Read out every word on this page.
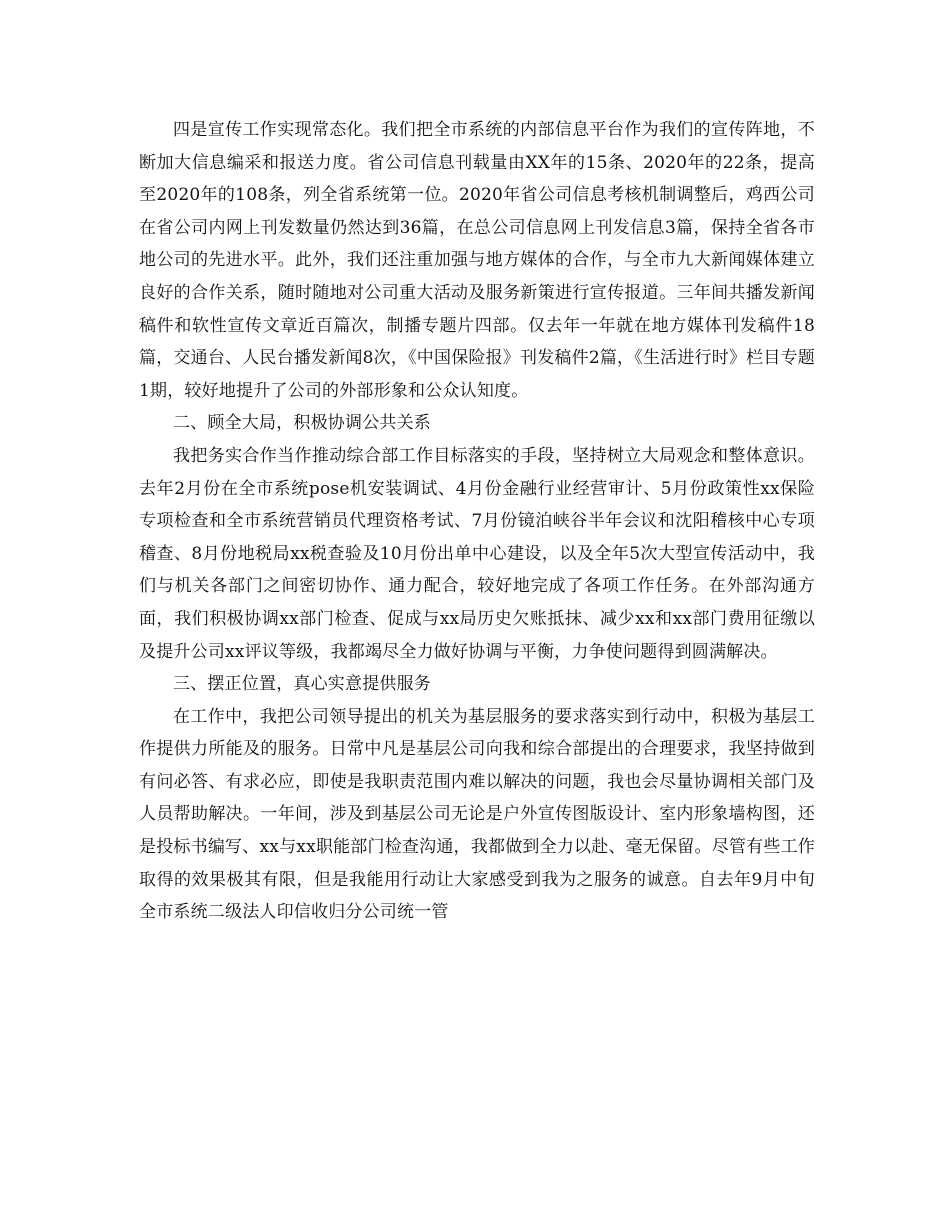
四是宣传工作实现常态化。我们把全市系统的内部信息平台作为我们的宣传阵地，不断加大信息编采和报送力度。省公司信息刊载量由XX年的15条、2020年的22条，提高至2020年的108条，列全省系统第一位。2020年省公司信息考核机制调整后，鸡西公司在省公司内网上刊发数量仍然达到36篇，在总公司信息网上刊发信息3篇，保持全省各市地公司的先进水平。此外，我们还注重加强与地方媒体的合作，与全市九大新闻媒体建立良好的合作关系，随时随地对公司重大活动及服务新策进行宣传报道。三年间共播发新闻稿件和软性宣传文章近百篇次，制播专题片四部。仅去年一年就在地方媒体刊发稿件18篇，交通台、人民台播发新闻8次，《中国保险报》刊发稿件2篇，《生活进行时》栏目专题1期，较好地提升了公司的外部形象和公众认知度。

二、顾全大局，积极协调公共关系

我把务实合作当作推动综合部工作目标落实的手段，坚持树立大局观念和整体意识。去年2月份在全市系统pose机安装调试、4月份金融行业经营审计、5月份政策性xx保险专项检查和全市系统营销员代理资格考试、7月份镜泊峡谷半年会议和沈阳稽核中心专项稽查、8月份地税局xx税查验及10月份出单中心建设，以及全年5次大型宣传活动中，我们与机关各部门之间密切协作、通力配合，较好地完成了各项工作任务。在外部沟通方面，我们积极协调xx部门检查、促成与xx局历史欠账抵抹、减少xx和xx部门费用征缴以及提升公司xx评议等级，我都竭尽全力做好协调与平衡，力争使问题得到圆满解决。

三、摆正位置，真心实意提供服务

在工作中，我把公司领导提出的机关为基层服务的要求落实到行动中，积极为基层工作提供力所能及的服务。日常中凡是基层公司向我和综合部提出的合理要求，我坚持做到有问必答、有求必应，即使是我职责范围内难以解决的问题，我也会尽量协调相关部门及人员帮助解决。一年间，涉及到基层公司无论是户外宣传图版设计、室内形象墙构图，还是投标书编写、xx与xx职能部门检查沟通，我都做到全力以赴、毫无保留。尽管有些工作取得的效果极其有限，但是我能用行动让大家感受到我为之服务的诚意。自去年9月中旬全市系统二级法人印信收归分公司统一管
